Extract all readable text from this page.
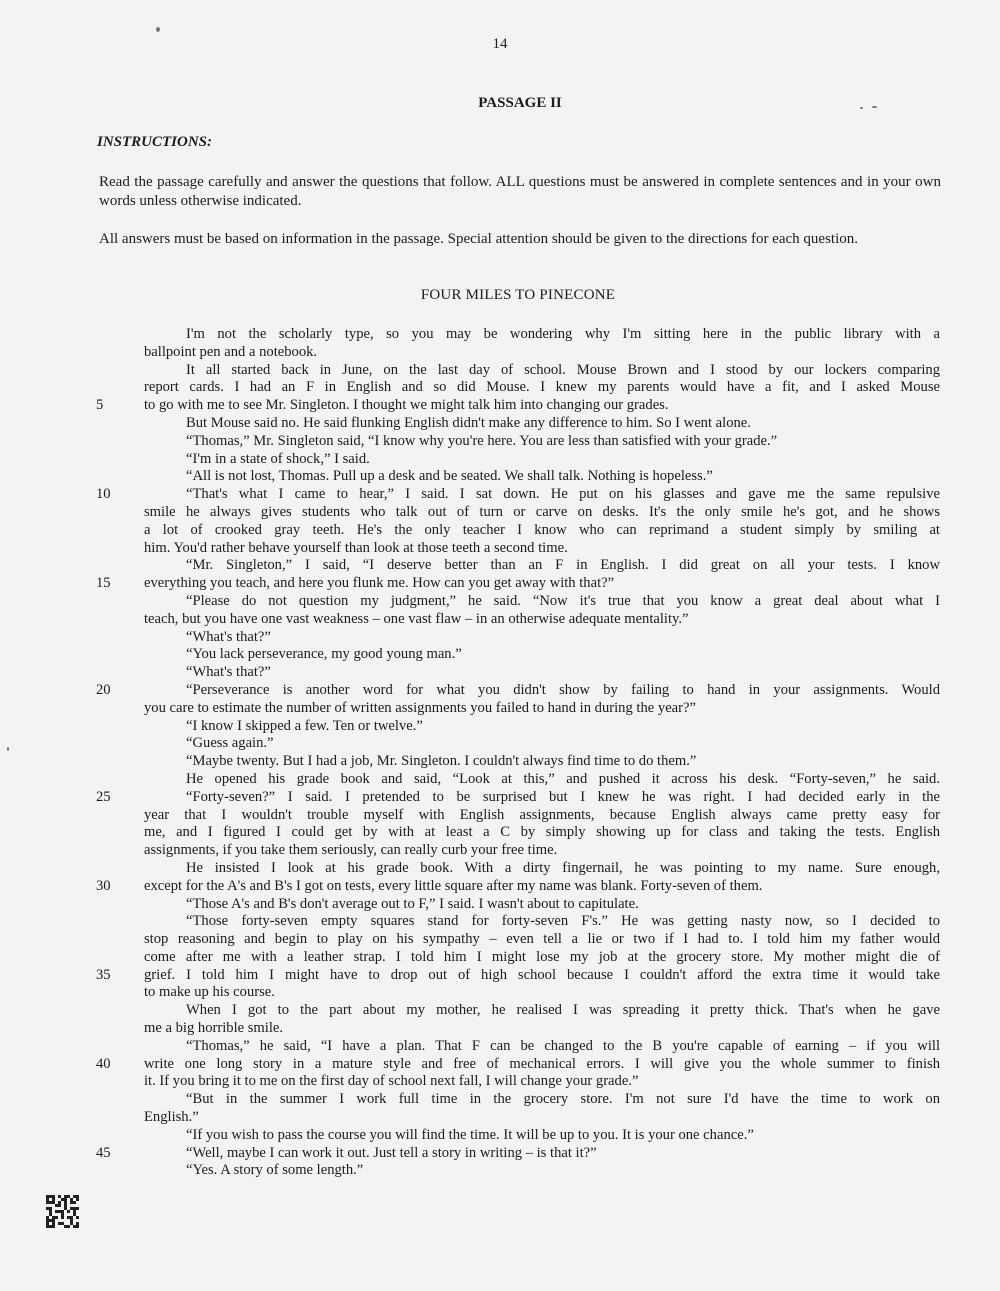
14
PASSAGE II
INSTRUCTIONS:

Read the passage carefully and answer the questions that follow. ALL questions must be answered in complete sentences and in your own words unless otherwise indicated.

All answers must be based on information in the passage. Special attention should be given to the directions for each question.

FOUR MILES TO PINECONE
5
10
15
20
25
30
35
40
45
I'm not the scholarly type, so you may be wondering why I'm sitting here in the public library with a
ballpoint pen and a notebook.
It all started back in June, on the last day of school. Mouse Brown and I stood by our lockers comparing
report cards. I had an F in English and so did Mouse. I knew my parents would have a fit, and I asked Mouse
to go with me to see Mr. Singleton. I thought we might talk him into changing our grades.
But Mouse said no. He said flunking English didn't make any difference to him. So I went alone.
“Thomas,” Mr. Singleton said, “I know why you're here. You are less than satisfied with your grade.”
“I'm in a state of shock,” I said.
“All is not lost, Thomas. Pull up a desk and be seated. We shall talk. Nothing is hopeless.”
“That's what I came to hear,” I said. I sat down. He put on his glasses and gave me the same repulsive
smile he always gives students who talk out of turn or carve on desks. It's the only smile he's got, and he shows
a lot of crooked gray teeth. He's the only teacher I know who can reprimand a student simply by smiling at
him. You'd rather behave yourself than look at those teeth a second time.
“Mr. Singleton,” I said, “I deserve better than an F in English. I did great on all your tests. I know
everything you teach, and here you flunk me. How can you get away with that?”
“Please do not question my judgment,” he said. “Now it's true that you know a great deal about what I
teach, but you have one vast weakness – one vast flaw – in an otherwise adequate mentality.”
“What's that?”
“You lack perseverance, my good young man.”
“What's that?”
“Perseverance is another word for what you didn't show by failing to hand in your assignments. Would
you care to estimate the number of written assignments you failed to hand in during the year?”
“I know I skipped a few. Ten or twelve.”
“Guess again.”
“Maybe twenty. But I had a job, Mr. Singleton. I couldn't always find time to do them.”
He opened his grade book and said, “Look at this,” and pushed it across his desk. “Forty-seven,” he said.
“Forty-seven?” I said. I pretended to be surprised but I knew he was right. I had decided early in the
year that I wouldn't trouble myself with English assignments, because English always came pretty easy for
me, and I figured I could get by with at least a C by simply showing up for class and taking the tests. English
assignments, if you take them seriously, can really curb your free time.
He insisted I look at his grade book. With a dirty fingernail, he was pointing to my name. Sure enough,
except for the A's and B's I got on tests, every little square after my name was blank. Forty-seven of them.
“Those A's and B's don't average out to F,” I said. I wasn't about to capitulate.
“Those forty-seven empty squares stand for forty-seven F's.” He was getting nasty now, so I decided to
stop reasoning and begin to play on his sympathy – even tell a lie or two if I had to. I told him my father would
come after me with a leather strap. I told him I might lose my job at the grocery store. My mother might die of
grief. I told him I might have to drop out of high school because I couldn't afford the extra time it would take
to make up his course.
When I got to the part about my mother, he realised I was spreading it pretty thick. That's when he gave
me a big horrible smile.
“Thomas,” he said, “I have a plan. That F can be changed to the B you're capable of earning – if you will
write one long story in a mature style and free of mechanical errors. I will give you the whole summer to finish
it. If you bring it to me on the first day of school next fall, I will change your grade.”
“But in the summer I work full time in the grocery store. I'm not sure I'd have the time to work on
English.”
“If you wish to pass the course you will find the time. It will be up to you. It is your one chance.”
“Well, maybe I can work it out. Just tell a story in writing – is that it?”
“Yes. A story of some length.”
